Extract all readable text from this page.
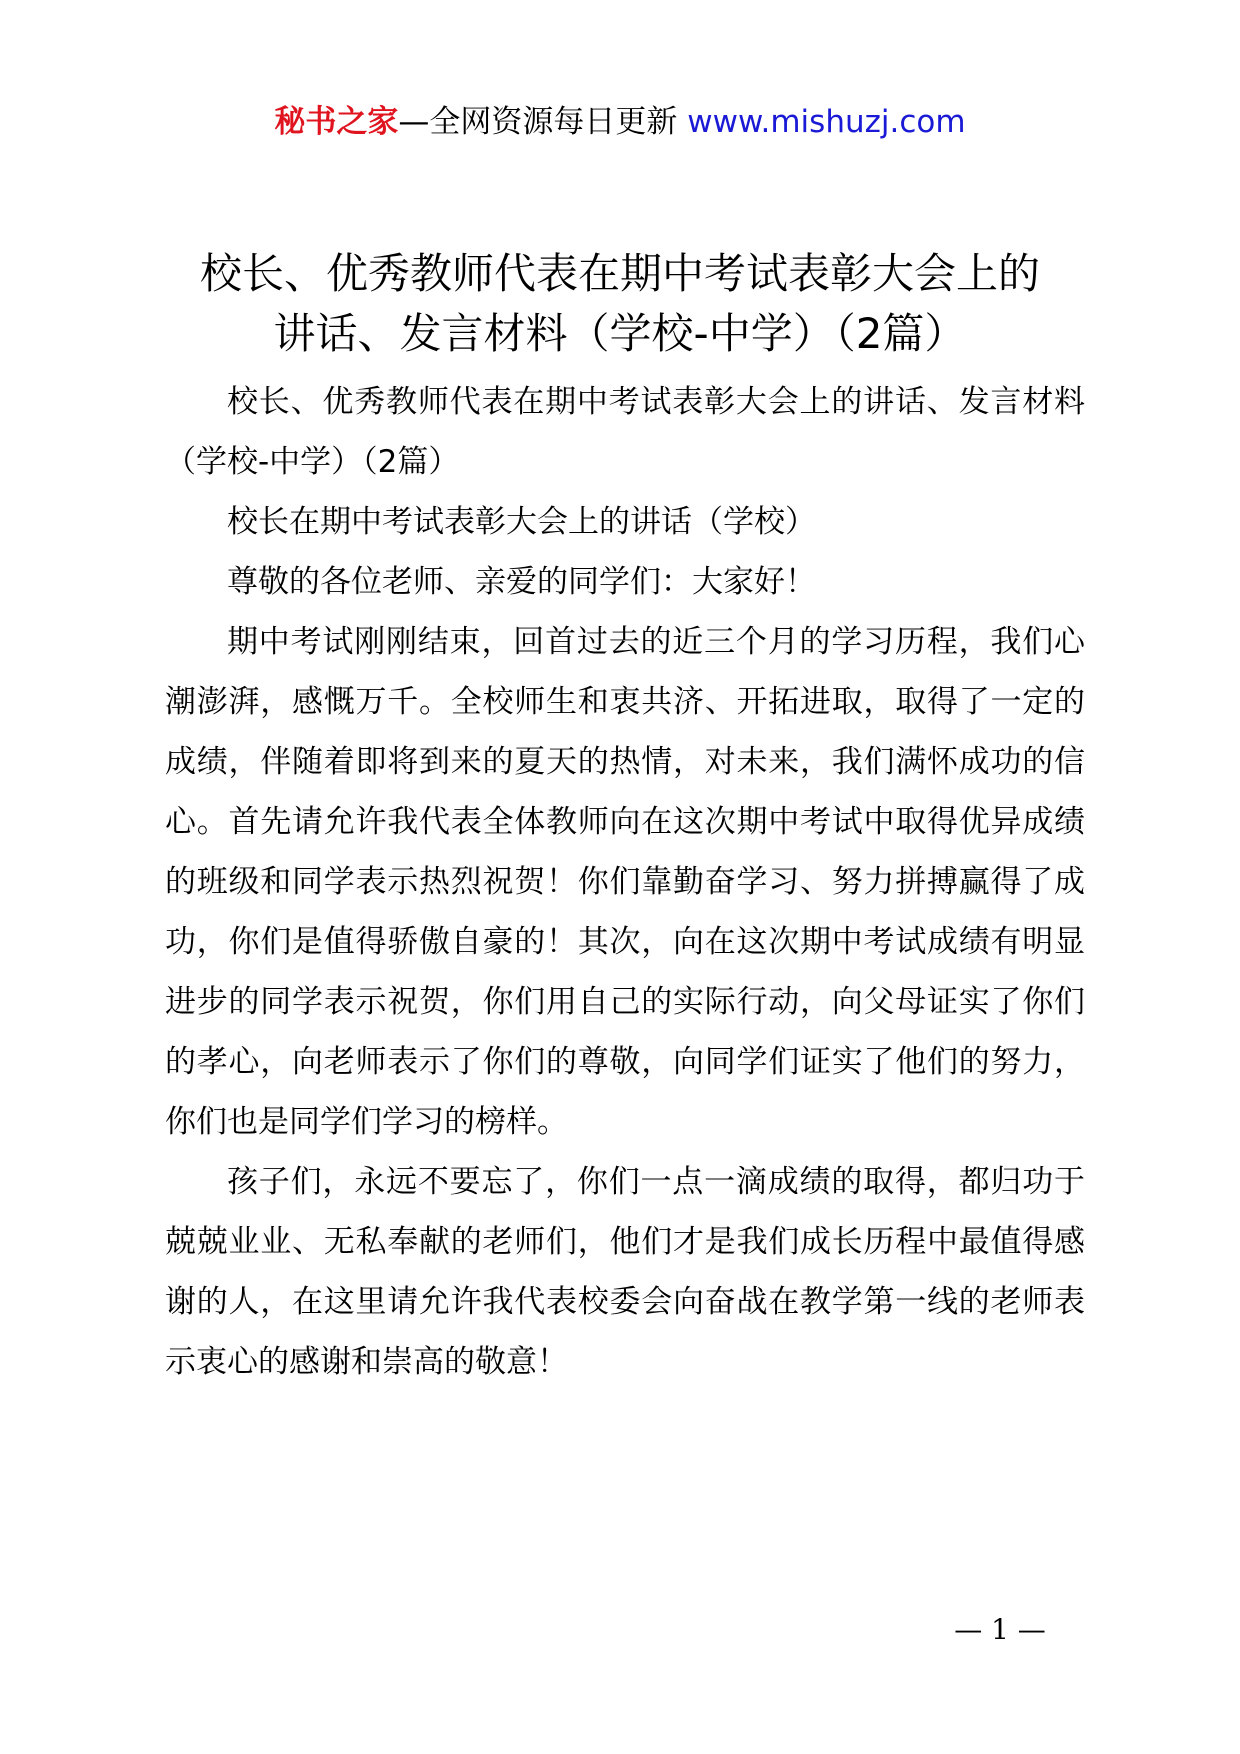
秘书之家—全网资源每日更新 www.mishuzj.com
校长、优秀教师代表在期中考试表彰大会上的
讲话、发言材料（学校-中学）（2篇）

校长、优秀教师代表在期中考试表彰大会上的讲话、发言材料（学校-中学）（2篇）

校长在期中考试表彰大会上的讲话（学校）

尊敬的各位老师、亲爱的同学们：大家好！

期中考试刚刚结束，回首过去的近三个月的学习历程，我们心潮澎湃，感慨万千。全校师生和衷共济、开拓进取，取得了一定的成绩，伴随着即将到来的夏天的热情，对未来，我们满怀成功的信心。首先请允许我代表全体教师向在这次期中考试中取得优异成绩的班级和同学表示热烈祝贺！你们靠勤奋学习、努力拼搏赢得了成功，你们是值得骄傲自豪的！其次，向在这次期中考试成绩有明显进步的同学表示祝贺，你们用自己的实际行动，向父母证实了你们的孝心，向老师表示了你们的尊敬，向同学们证实了他们的努力，你们也是同学们学习的榜样。

孩子们，永远不要忘了，你们一点一滴成绩的取得，都归功于兢兢业业、无私奉献的老师们，他们才是我们成长历程中最值得感谢的人，在这里请允许我代表校委会向奋战在教学第一线的老师表示衷心的感谢和崇高的敬意！

— 1 —
